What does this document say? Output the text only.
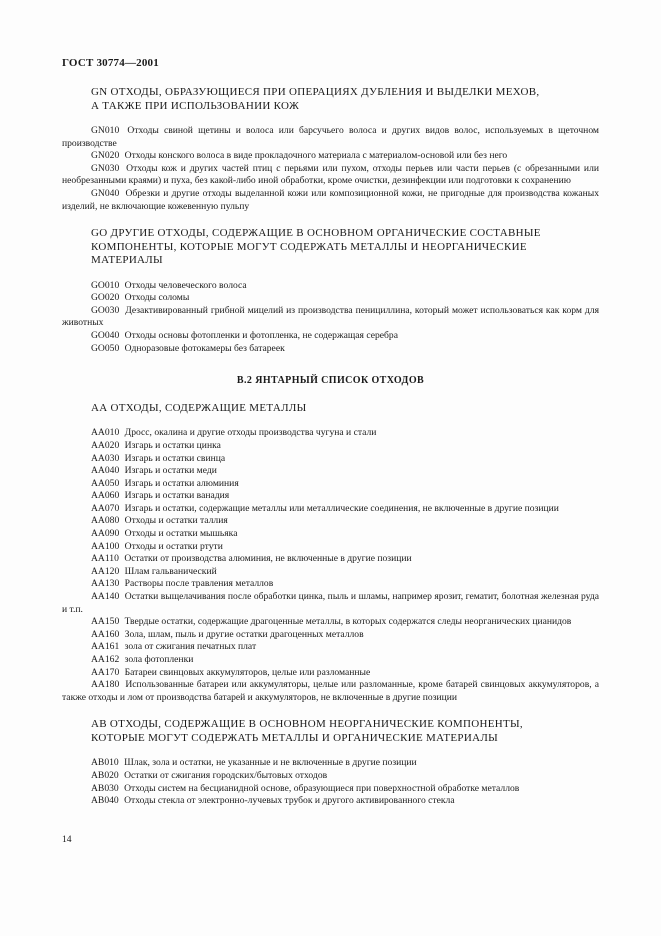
ГОСТ 30774—2001
GN ОТХОДЫ, ОБРАЗУЮЩИЕСЯ ПРИ ОПЕРАЦИЯХ ДУБЛЕНИЯ И ВЫДЕЛКИ МЕХОВ,
А ТАКЖЕ ПРИ ИСПОЛЬЗОВАНИИ КОЖ

GN010 Отходы свиной щетины и волоса или барсучьего волоса и других видов волос, используемых в щеточном производстве

GN020 Отходы конского волоса в виде прокладочного материала с материалом-основой или без него

GN030 Отходы кож и других частей птиц с перьями или пухом, отходы перьев или части перьев (с обрезанными или необрезанными краями) и пуха, без какой-либо иной обработки, кроме очистки, дезинфекции или подготовки к сохранению

GN040 Обрезки и другие отходы выделанной кожи или композиционной кожи, не пригодные для производства кожаных изделий, не включающие кожевенную пульпу

GO ДРУГИЕ ОТХОДЫ, СОДЕРЖАЩИЕ В ОСНОВНОМ ОРГАНИЧЕСКИЕ СОСТАВНЫЕ
КОМПОНЕНТЫ, КОТОРЫЕ МОГУТ СОДЕРЖАТЬ МЕТАЛЛЫ И НЕОРГАНИЧЕСКИЕ МАТЕРИАЛЫ

GO010 Отходы человеческого волоса

GO020 Отходы соломы

GO030 Дезактивированный грибной мицелий из производства пенициллина, который может использоваться как корм для животных

GO040 Отходы основы фотопленки и фотопленка, не содержащая серебра

GO050 Одноразовые фотокамеры без батареек

В.2 ЯНТАРНЫЙ СПИСОК ОТХОДОВ
АА ОТХОДЫ, СОДЕРЖАЩИЕ МЕТАЛЛЫ

АА010 Дросс, окалина и другие отходы производства чугуна и стали

АА020 Изгарь и остатки цинка

АА030 Изгарь и остатки свинца

АА040 Изгарь и остатки меди

АА050 Изгарь и остатки алюминия

АА060 Изгарь и остатки ванадия

АА070 Изгарь и остатки, содержащие металлы или металлические соединения, не включенные в другие позиции

АА080 Отходы и остатки таллия

АА090 Отходы и остатки мышьяка

АА100 Отходы и остатки ртути

АА110 Остатки от производства алюминия, не включенные в другие позиции

АА120 Шлам гальванический

АА130 Растворы после травления металлов

АА140 Остатки выщелачивания после обработки цинка, пыль и шламы, например ярозит, гематит, болотная железная руда и т.п.

АА150 Твердые остатки, содержащие драгоценные металлы, в которых содержатся следы неорганических цианидов

АА160 Зола, шлам, пыль и другие остатки драгоценных металлов

АА161 зола от сжигания печатных плат

АА162 зола фотопленки

АА170 Батареи свинцовых аккумуляторов, целые или разломанные

АА180 Использованные батареи или аккумуляторы, целые или разломанные, кроме батарей свинцовых аккумуляторов, а также отходы и лом от производства батарей и аккумуляторов, не включенные в другие позиции

АВ ОТХОДЫ, СОДЕРЖАЩИЕ В ОСНОВНОМ НЕОРГАНИЧЕСКИЕ КОМПОНЕНТЫ,
КОТОРЫЕ МОГУТ СОДЕРЖАТЬ МЕТАЛЛЫ И ОРГАНИЧЕСКИЕ МАТЕРИАЛЫ

АВ010 Шлак, зола и остатки, не указанные и не включенные в другие позиции

АВ020 Остатки от сжигания городских/бытовых отходов

АВ030 Отходы систем на бесцианидной основе, образующиеся при поверхностной обработке металлов

АВ040 Отходы стекла от электронно-лучевых трубок и другого активированного стекла

14
